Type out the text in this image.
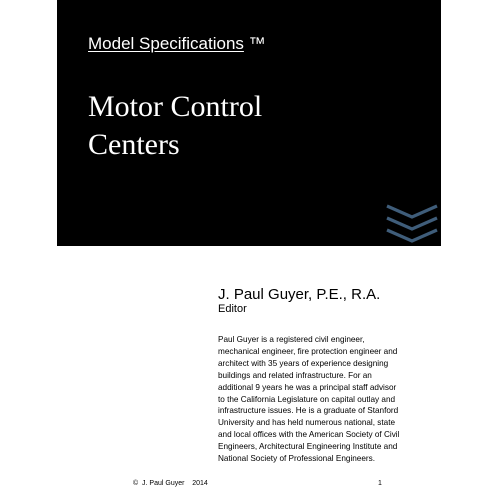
Model Specifications ™
Motor Control
Centers
J. Paul Guyer, P.E., R.A.
Editor
Paul Guyer is a registered civil engineer,
mechanical engineer, fire protection engineer and
architect with 35 years of experience designing
buildings and related infrastructure. For an
additional 9 years he was a principal staff advisor
to the California Legislature on capital outlay and
infrastructure issues. He is a graduate of Stanford
University and has held numerous national, state
and local offices with the American Society of Civil
Engineers, Architectural Engineering Institute and
National Society of Professional Engineers.
©  J. Paul Guyer    2014	1
